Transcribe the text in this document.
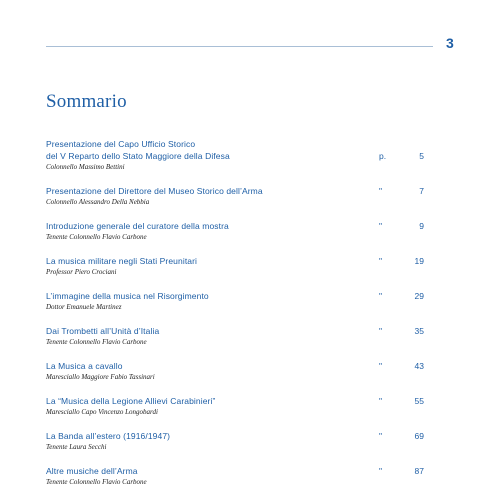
3
Sommario
Presentazione del Capo Ufficio Storico
del V Reparto dello Stato Maggiore della Difesa	p.	5
Colonnello Massimo Bettini
Presentazione del Direttore del Museo Storico dell’Arma	"	7
Colonnello Alessandro Della Nebbia
Introduzione generale del curatore della mostra	"	9
Tenente Colonnello Flavio Carbone
La musica militare negli Stati Preunitari	"	19
Professor Piero Crociani
L’immagine della musica nel Risorgimento	"	29
Dottor Emanuele Martinez
Dai Trombetti all’Unità d’Italia	"	35
Tenente Colonnello Flavio Carbone
La Musica a cavallo	"	43
Maresciallo Maggiore Fabio Tassinari
La “Musica della Legione Allievi Carabinieri”	"	55
Maresciallo Capo Vincenzo Longobardi
La Banda all’estero (1916/1947)	"	69
Tenente Laura Secchi
Altre musiche dell’Arma	"	87
Tenente Colonnello Flavio Carbone
